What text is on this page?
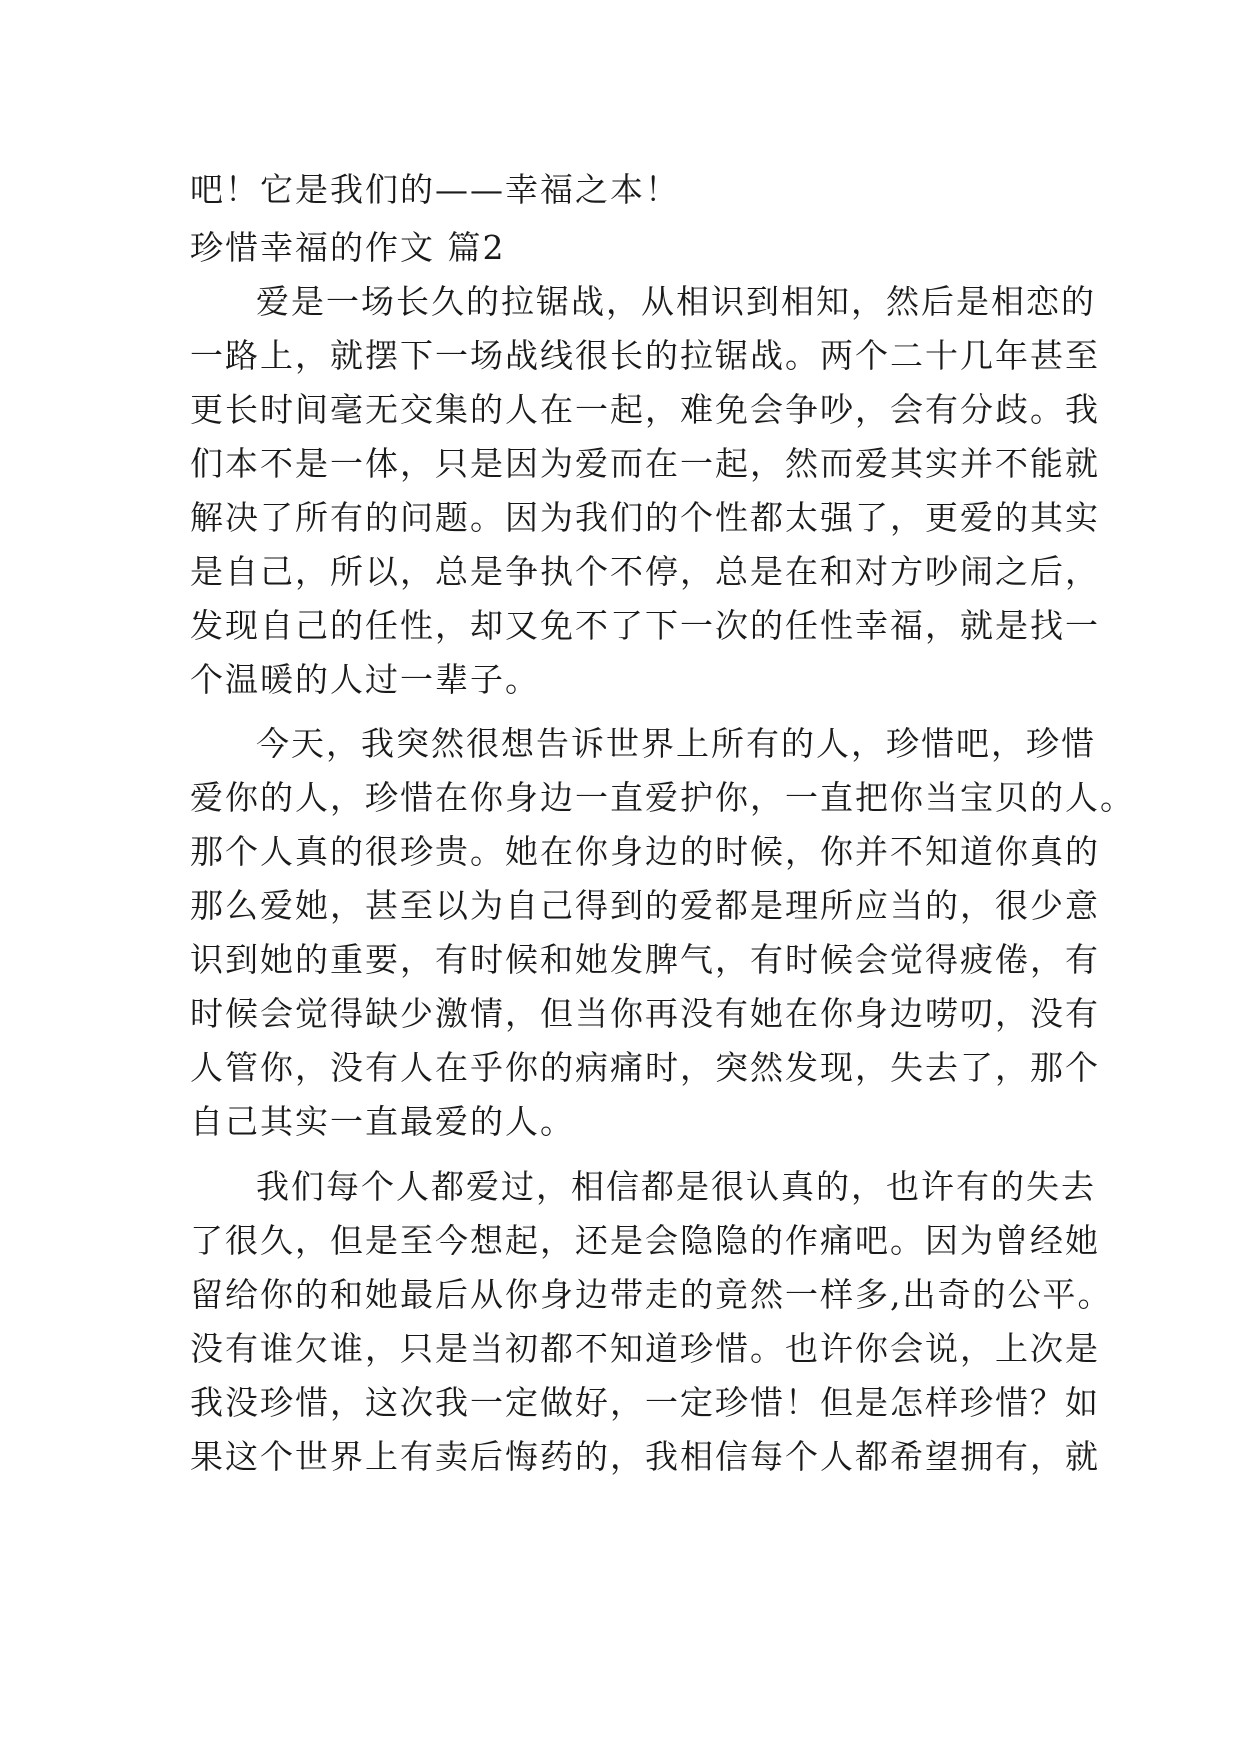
吧！它是我们的——幸福之本！
珍惜幸福的作文 篇2
爱是一场长久的拉锯战，从相识到相知，然后是相恋的
一路上，就摆下一场战线很长的拉锯战。两个二十几年甚至
更长时间毫无交集的人在一起，难免会争吵，会有分歧。我
们本不是一体，只是因为爱而在一起，然而爱其实并不能就
解决了所有的问题。因为我们的个性都太强了，更爱的其实
是自己，所以，总是争执个不停，总是在和对方吵闹之后，
发现自己的任性，却又免不了下一次的任性幸福，就是找一
个温暖的人过一辈子。
今天，我突然很想告诉世界上所有的人，珍惜吧，珍惜
爱你的人，珍惜在你身边一直爱护你，一直把你当宝贝的人。
那个人真的很珍贵。她在你身边的时候，你并不知道你真的
那么爱她，甚至以为自己得到的爱都是理所应当的，很少意
识到她的重要，有时候和她发脾气，有时候会觉得疲倦，有
时候会觉得缺少激情，但当你再没有她在你身边唠叨，没有
人管你，没有人在乎你的病痛时，突然发现，失去了，那个
自己其实一直最爱的人。
我们每个人都爱过，相信都是很认真的，也许有的失去
了很久，但是至今想起，还是会隐隐的作痛吧。因为曾经她
留给你的和她最后从你身边带走的竟然一样多,出奇的公平。
没有谁欠谁，只是当初都不知道珍惜。也许你会说，上次是
我没珍惜，这次我一定做好，一定珍惜！但是怎样珍惜？如
果这个世界上有卖后悔药的，我相信每个人都希望拥有，就
